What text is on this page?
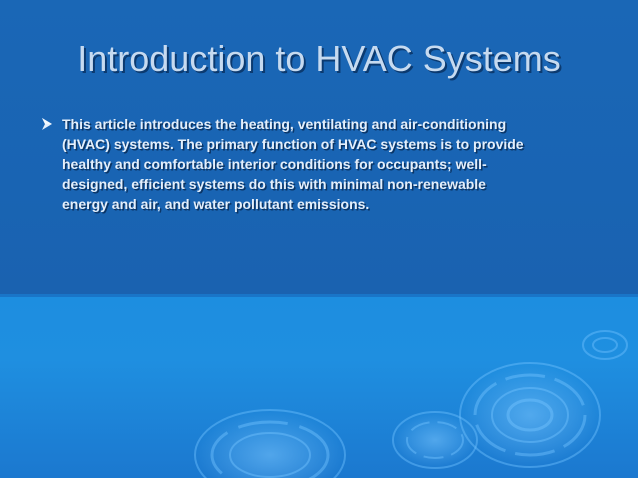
Introduction to HVAC Systems
This article introduces the heating, ventilating and air-conditioning
(HVAC) systems. The primary function of HVAC systems is to provide
healthy and comfortable interior conditions for occupants; well-
designed, efficient systems do this with minimal non-renewable
energy and air, and water pollutant emissions.
